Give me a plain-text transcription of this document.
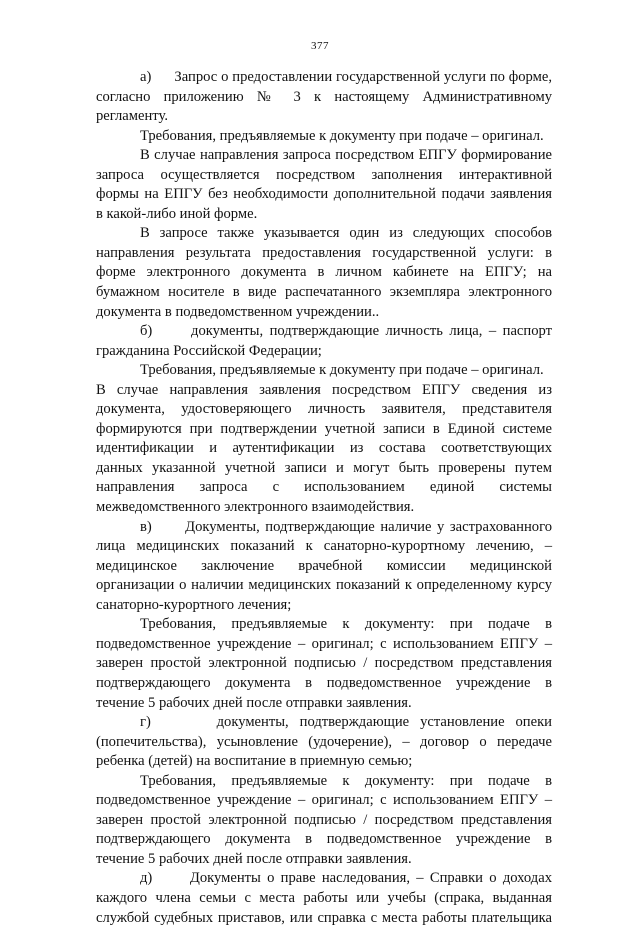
377
а)      Запрос о предоставлении государственной услуги по форме,
согласно приложению № 3 к настоящему Административному
регламенту.
Требования, предъявляемые к документу при подаче – оригинал.
В случае направления запроса посредством ЕПГУ формирование
запроса осуществляется посредством заполнения интерактивной
формы на ЕПГУ без необходимости дополнительной подачи заявления
в какой-либо иной форме.
В запросе также указывается один из следующих способов
направления результата предоставления государственной услуги: в
форме электронного документа в личном кабинете на ЕПГУ; на
бумажном носителе в виде распечатанного экземпляра электронного
документа в подведомственном учреждении..
б)      документы, подтверждающие личность лица, – паспорт
гражданина Российской Федерации;
Требования, предъявляемые к документу при подаче – оригинал.
В случае направления заявления посредством ЕПГУ сведения из
документа, удостоверяющего личность заявителя, представителя
формируются при подтверждении учетной записи в Единой системе
идентификации и аутентификации из состава соответствующих
данных указанной учетной записи и могут быть проверены путем
направления запроса с использованием единой системы
межведомственного электронного взаимодействия.
в)      Документы, подтверждающие наличие у застрахованного
лица медицинских показаний к санаторно-курортному лечению, –
медицинское заключение врачебной комиссии медицинской
организации о наличии медицинских показаний к определенному курсу
санаторно-курортного лечения;
Требования, предъявляемые к документу: при подаче в
подведомственное учреждение – оригинал; с использованием ЕПГУ –
заверен простой электронной подписью / посредством представления
подтверждающего документа в подведомственное учреждение в
течение 5 рабочих дней после отправки заявления.
г)      документы, подтверждающие установление опеки
(попечительства), усыновление (удочерение), – договор о передаче
ребенка (детей) на воспитание в приемную семью;
Требования, предъявляемые к документу: при подаче в
подведомственное учреждение – оригинал; с использованием ЕПГУ –
заверен простой электронной подписью / посредством представления
подтверждающего документа в подведомственное учреждение в
течение 5 рабочих дней после отправки заявления.
д)      Документы о праве наследования, – Справки о доходах
каждого члена семьи с места работы или учебы (спрака, выданная
службой судебных приставов, или справка с места работы плательщика
